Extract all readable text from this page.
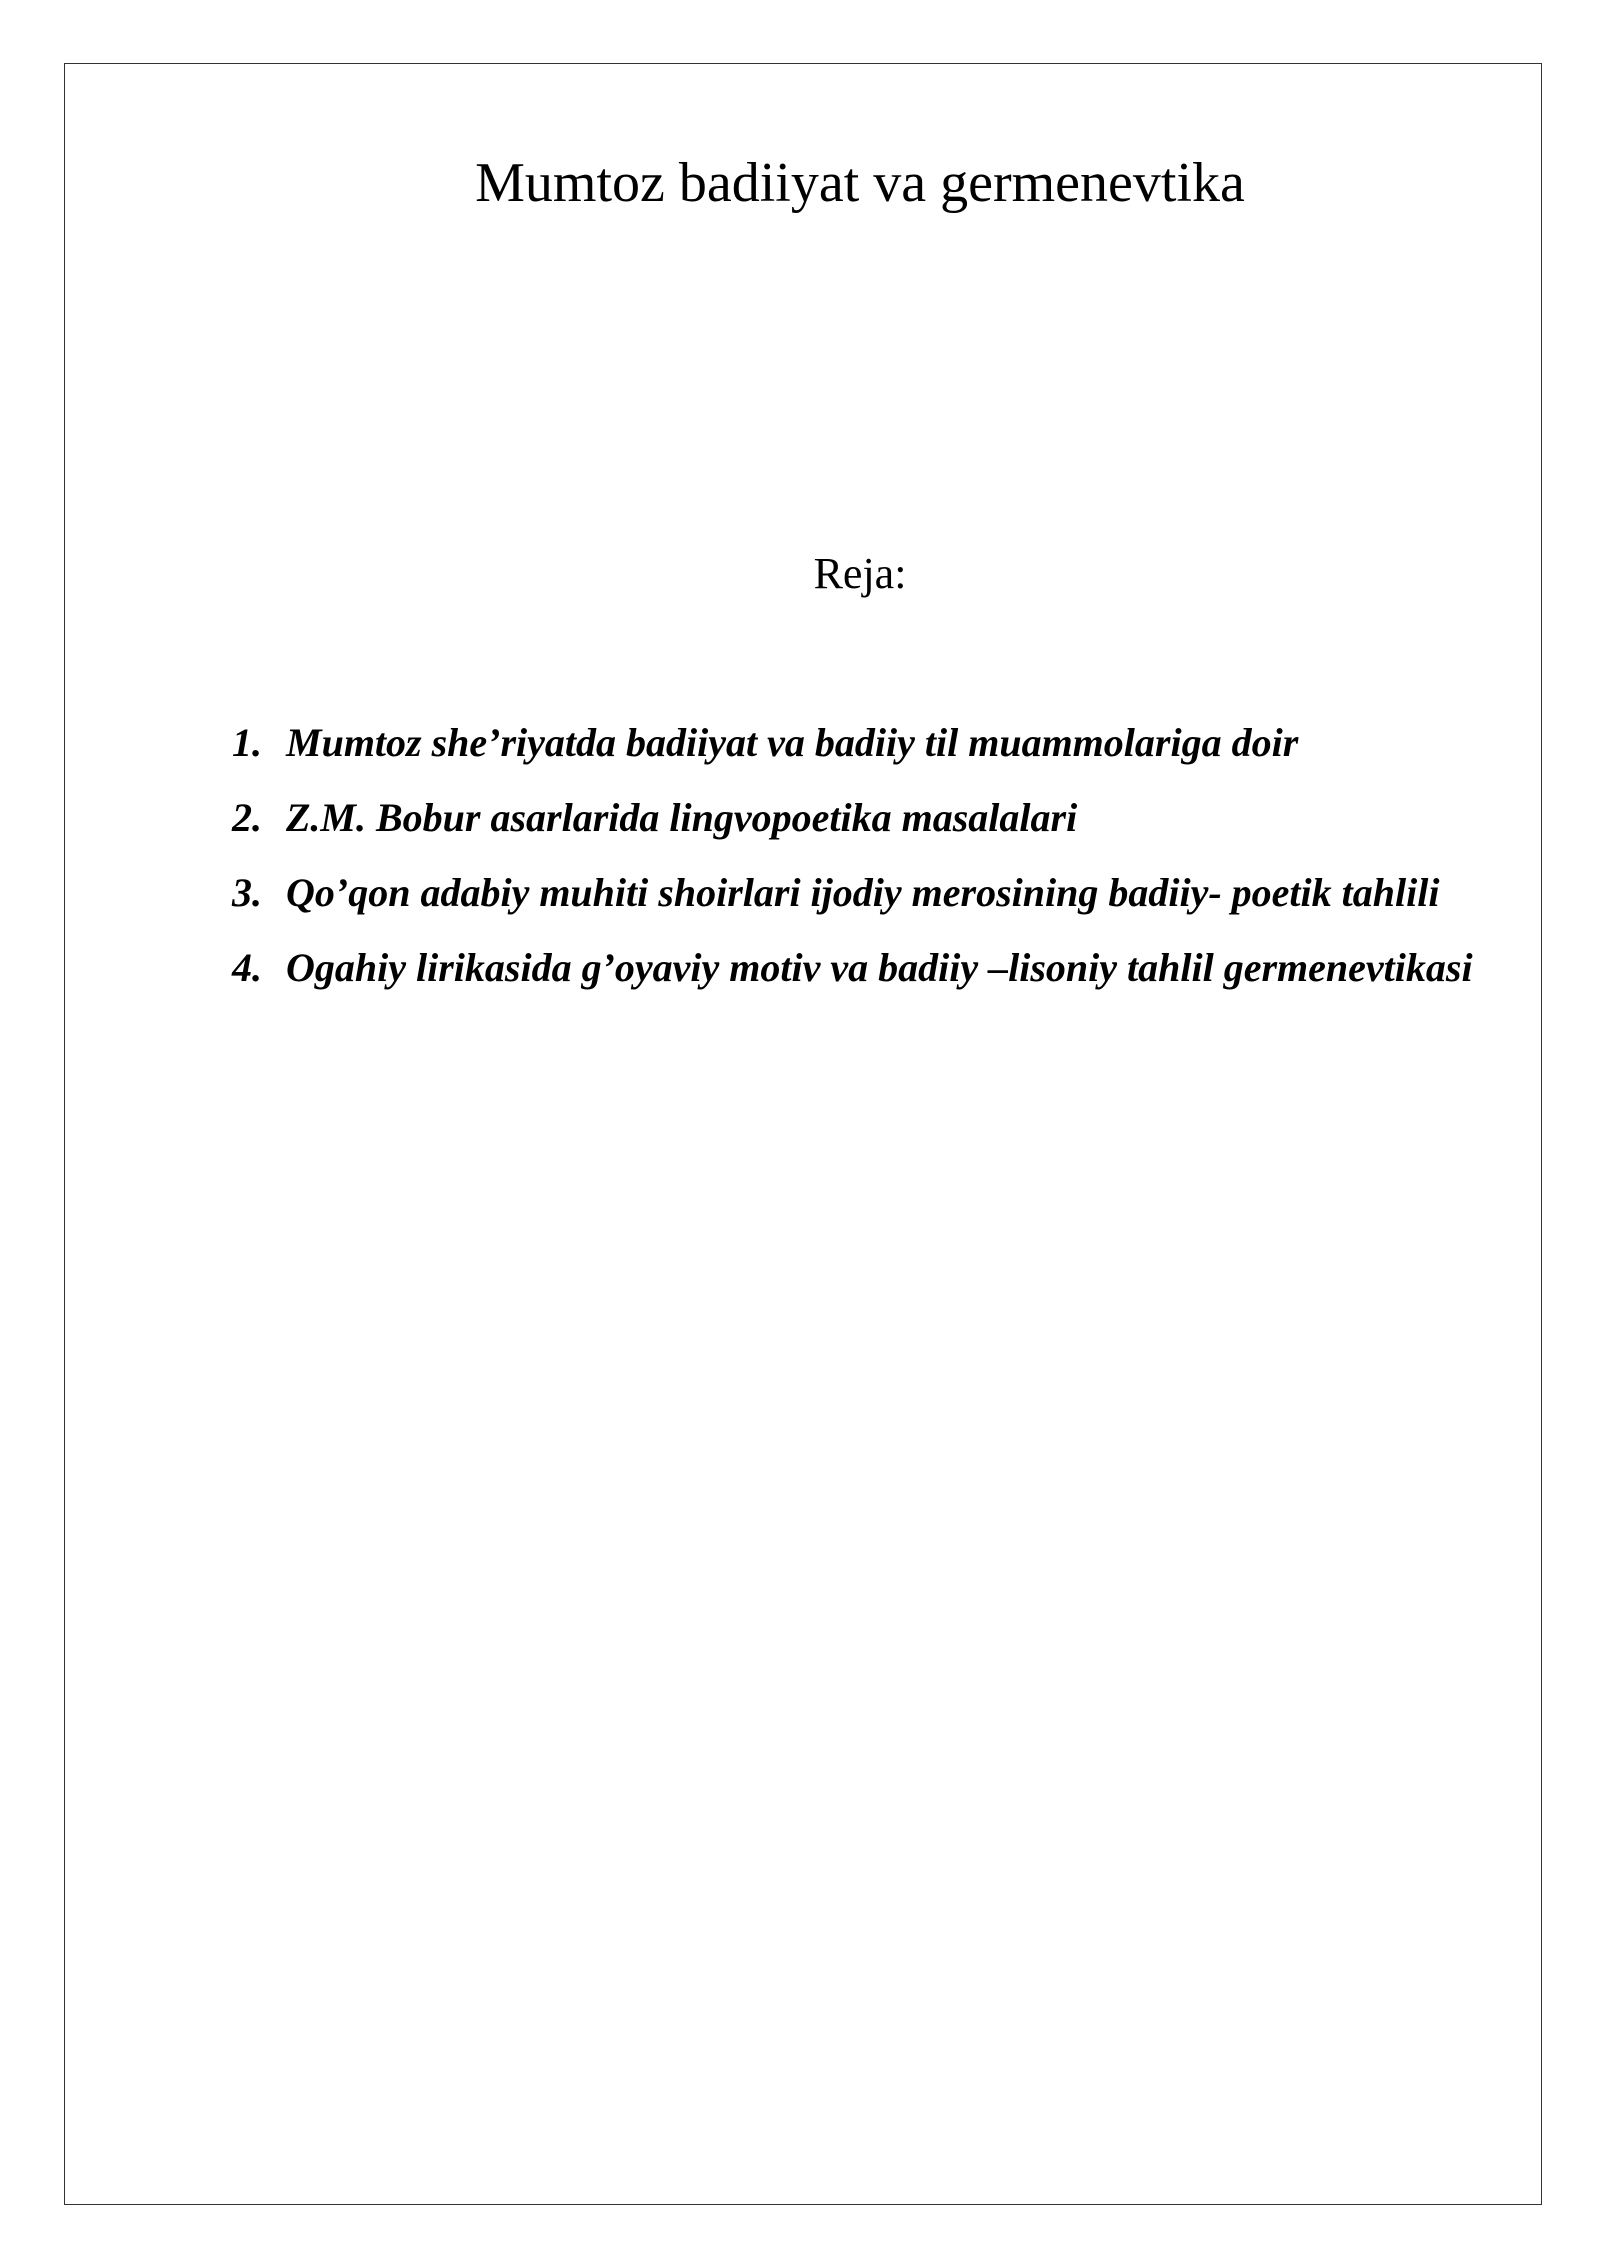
Mumtoz badiiyat va germenevtika
Reja:
1. Mumtoz she’riyatda badiiyat va badiiy til muammolariga doir
2. Z.M. Bobur asarlarida lingvopoetika masalalari
3. Qo’qon adabiy muhiti shoirlari ijodiy merosining badiiy- poetik tahlili
4. Ogahiy lirikasida g’oyaviy motiv va badiiy –lisoniy tahlil germenevtikasi
